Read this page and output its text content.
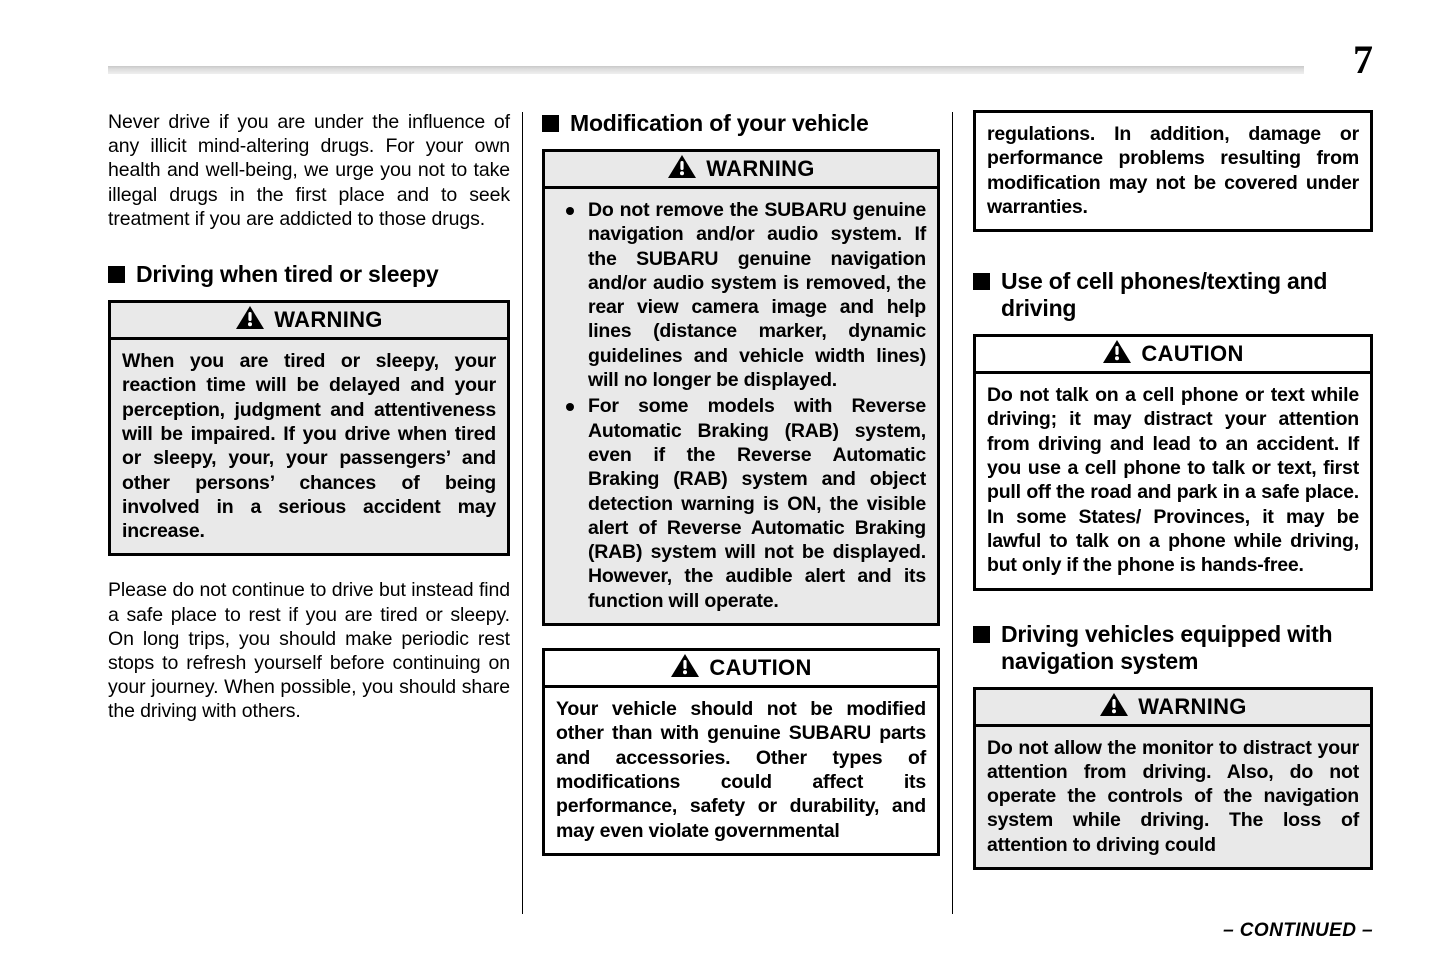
7

Never drive if you are under the influence of any illicit mind-altering drugs. For your own health and well-being, we urge you not to take illegal drugs in the first place and to seek treatment if you are addicted to those drugs.

Driving when tired or sleepy
WARNING

When you are tired or sleepy, your reaction time will be delayed and your perception, judgment and attentiveness will be impaired. If you drive when tired or sleepy, your, your passengers’ and other persons’ chances of being involved in a serious accident may increase.

Please do not continue to drive but instead find a safe place to rest if you are tired or sleepy. On long trips, you should make periodic rest stops to refresh yourself before continuing on your journey. When possible, you should share the driving with others.

Modification of your vehicle
WARNING
Do not remove the SUBARU genuine navigation and/or audio system. If the SUBARU genuine navigation and/or audio system is removed, the rear view camera image and help lines (distance marker, dynamic guidelines and vehicle width lines) will no longer be displayed.
For some models with Reverse Automatic Braking (RAB) system, even if the Reverse Automatic Braking (RAB) system and object detection warning is ON, the visible alert of Reverse Automatic Braking (RAB) system will not be displayed. However, the audible alert and its function will operate.
CAUTION

Your vehicle should not be modified other than with genuine SUBARU parts and accessories. Other types of modifications could affect its performance, safety or durability, and may even violate governmental

regulations. In addition, damage or performance problems resulting from modification may not be covered under warranties.

Use of cell phones/texting and driving
CAUTION

Do not talk on a cell phone or text while driving; it may distract your attention from driving and lead to an accident. If you use a cell phone to talk or text, first pull off the road and park in a safe place. In some States/ Provinces, it may be lawful to talk on a phone while driving, but only if the phone is hands-free.

Driving vehicles equipped with navigation system
WARNING

Do not allow the monitor to distract your attention from driving. Also, do not operate the controls of the navigation system while driving. The loss of attention to driving could

– CONTINUED –
